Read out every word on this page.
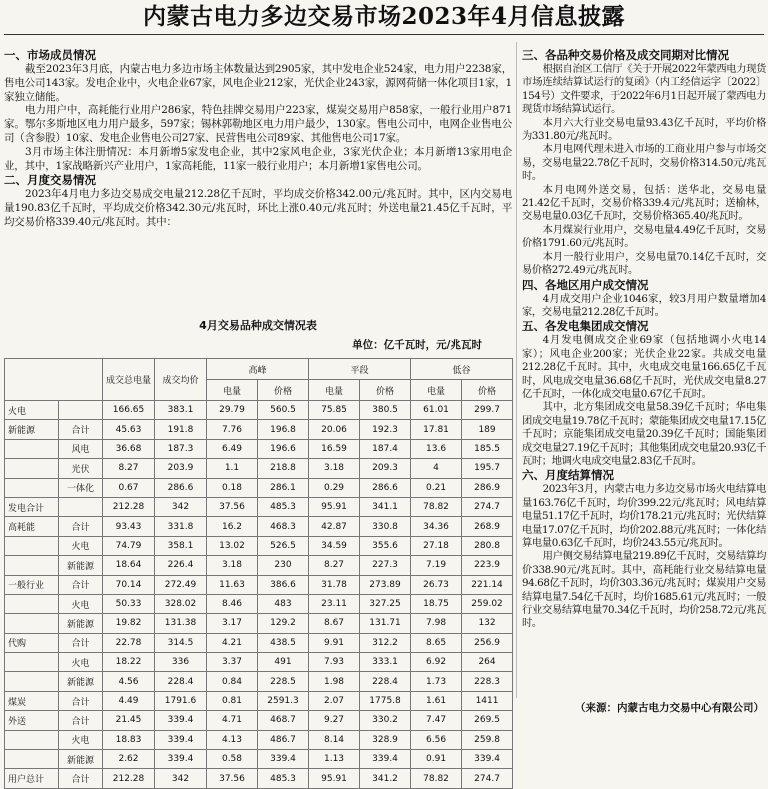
内蒙古电力多边交易市场2023年4月信息披露
一、市场成员情况

截至2023年3月底，内蒙古电力多边市场主体数量达到2905家，其中发电企业524家，电力用户2238家，售电公司143家。发电企业中，火电企业67家，风电企业212家，光伏企业243家，源网荷储一体化项目1家，1家独立储能。

电力用户中，高耗能行业用户286家，特色挂牌交易用户223家，煤炭交易用户858家，一般行业用户871家。鄂尔多斯地区电力用户最多，597家；锡林郭勒地区电力用户最少，130家。售电公司中，电网企业售电公司（含参股）10家、发电企业售电公司27家、民营售电公司89家、其他售电公司17家。

3月市场主体注册情况：本月新增5家发电企业，其中2家风电企业，3家光伏企业；本月新增13家用电企业，其中，1家战略新兴产业用户，1家高耗能，11家一般行业用户；本月新增1家售电公司。

二、月度交易情况

2023年4月电力多边交易成交电量212.28亿千瓦时，平均成交价格342.00元/兆瓦时。其中，区内交易电量190.83亿千瓦时，平均成交价格342.30元/兆瓦时，环比上涨0.40元/兆瓦时；外送电量21.45亿千瓦时，平均交易价格339.40元/兆瓦时。其中：

4月交易品种成交情况表
单位：亿千瓦时，元/兆瓦时
		成交总电量	成交均价	高峰		平段		低谷	
				电量	价格	电量	价格	电量	价格
火电		166.65	383.1	29.79	560.5	75.85	380.5	61.01	299.7
新能源	合计	45.63	191.8	7.76	196.8	20.06	192.3	17.81	189
	风电	36.68	187.3	6.49	196.6	16.59	187.4	13.6	185.5
	光伏	8.27	203.9	1.1	218.8	3.18	209.3	4	195.7
	一体化	0.67	286.6	0.18	286.1	0.29	286.6	0.21	286.9
发电合计		212.28	342	37.56	485.3	95.91	341.1	78.82	274.7
高耗能	合计	93.43	331.8	16.2	468.3	42.87	330.8	34.36	268.9
	火电	74.79	358.1	13.02	526.5	34.59	355.6	27.18	280.8
	新能源	18.64	226.4	3.18	230	8.27	227.3	7.19	223.9
一般行业	合计	70.14	272.49	11.63	386.6	31.78	273.89	26.73	221.14
	火电	50.33	328.02	8.46	483	23.11	327.25	18.75	259.02
	新能源	19.82	131.38	3.17	129.2	8.67	131.71	7.98	132
代购	合计	22.78	314.5	4.21	438.5	9.91	312.2	8.65	256.9
	火电	18.22	336	3.37	491	7.93	333.1	6.92	264
	新能源	4.56	228.4	0.84	228.5	1.98	228.4	1.73	228.3
煤炭	合计	4.49	1791.6	0.81	2591.3	2.07	1775.8	1.61	1411
外送	合计	21.45	339.4	4.71	468.7	9.27	330.2	7.47	269.5
	火电	18.83	339.4	4.13	486.7	8.14	328.9	6.56	259.8
	新能源	2.62	339.4	0.58	339.4	1.13	339.4	0.91	339.4
用户总计	合计	212.28	342	37.56	485.3	95.91	341.2	78.82	274.7
三、各品种交易价格及成交同期对比情况

根据自治区工信厅《关于开展2022年蒙西电力现货市场连续结算试运行的复函》（内工经信运字〔2022〕154号）文件要求，于2022年6月1日起开展了蒙西电力现货市场结算试运行。

本月六大行业交易电量93.43亿千瓦时，平均价格为331.80元/兆瓦时。

本月电网代理未进入市场的工商业用户参与市场交易，交易电量22.78亿千瓦时，交易价格314.50元/兆瓦时。

本月电网外送交易，包括：送华北，交易电量21.42亿千瓦时，交易价格339.4元/兆瓦时；送榆林，交易电量0.03亿千瓦时，交易价格365.40/兆瓦时。

本月煤炭行业用户，交易电量4.49亿千瓦时，交易价格1791.60元/兆瓦时。

本月一般行业用户，交易电量70.14亿千瓦时，交易价格272.49元/兆瓦时。

四、各地区用户成交情况

4月成交用户企业1046家，较3月用户数量增加4家，交易电量212.28亿千瓦时。

五、各发电集团成交情况

4月发电侧成交企业69家（包括地调小火电14家）；风电企业200家；光伏企业22家。共成交电量212.28亿千瓦时。其中，火电成交电量166.65亿千瓦时，风电成交电量36.68亿千瓦时，光伏成交电量8.27亿千瓦时，一体化成交电量0.67亿千瓦时。

其中，北方集团成交电量58.39亿千瓦时；华电集团成交电量19.78亿千瓦时；蒙能集团成交电量17.15亿千瓦时；京能集团成交电量20.39亿千瓦时；国能集团成交电量27.19亿千瓦时；其他集团成交电量20.93亿千瓦时；地调火电成交电量2.83亿千瓦时。

六、月度结算情况

2023年3月，内蒙古电力多边交易市场火电结算电量163.76亿千瓦时，均价399.22元/兆瓦时；风电结算电量51.17亿千瓦时，均价178.21元/兆瓦时；光伏结算电量17.07亿千瓦时，均价202.88元/兆瓦时；一体化结算电量0.63亿千瓦时，均价243.55元/兆瓦时。

用户侧交易结算电量219.89亿千瓦时，交易结算均价338.90元/兆瓦时。其中，高耗能行业交易结算电量94.68亿千瓦时，均价303.36元/兆瓦时；煤炭用户交易结算电量7.54亿千瓦时，均价1685.61元/兆瓦时；一般行业交易结算电量70.34亿千瓦时，均价258.72元/兆瓦时。

（来源：内蒙古电力交易中心有限公司）
